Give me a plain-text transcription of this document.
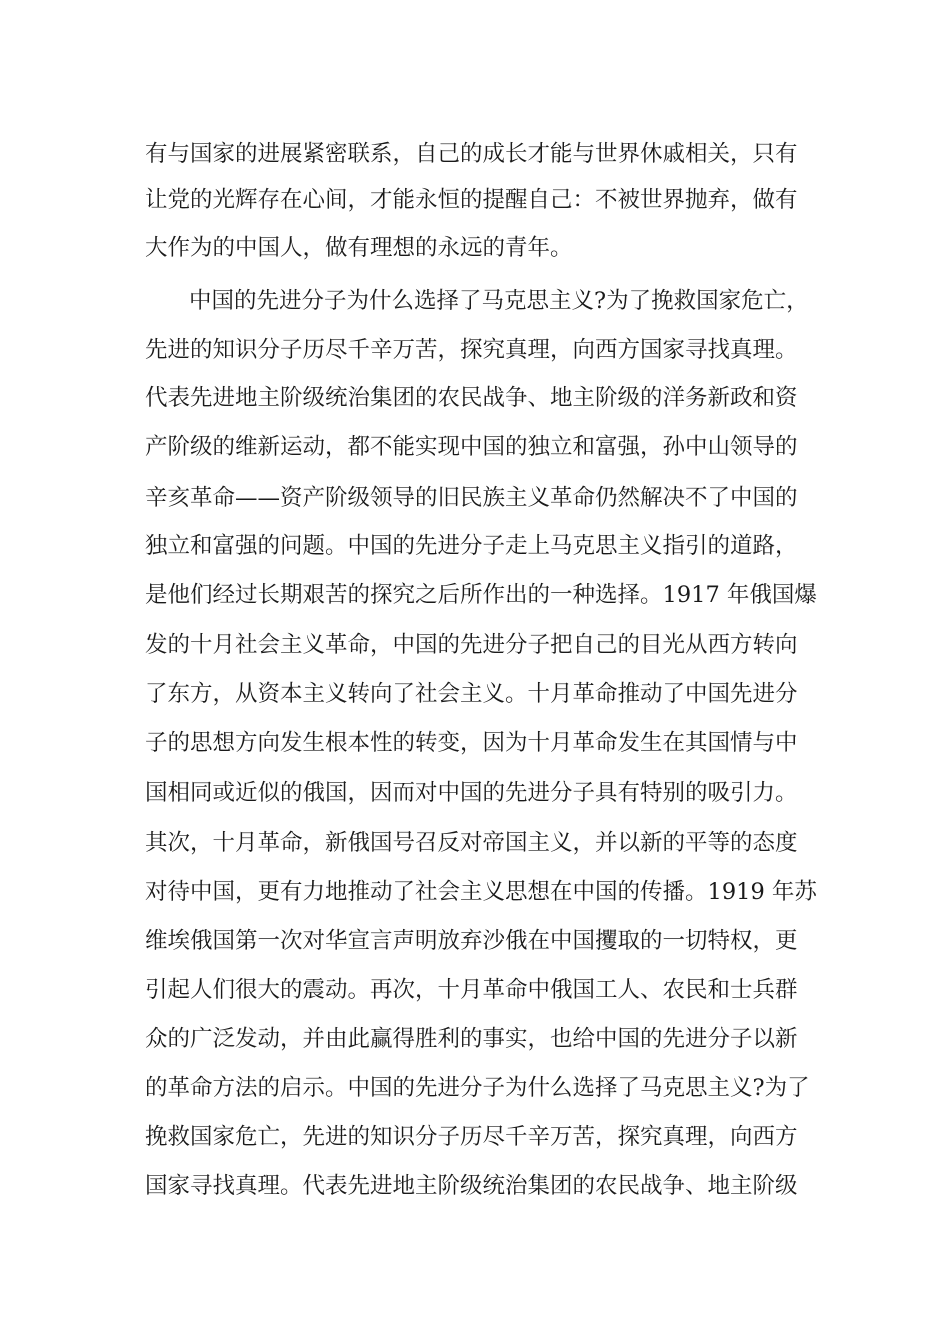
有与国家的进展紧密联系，自己的成长才能与世界休戚相关，只有
让党的光辉存在心间，才能永恒的提醒自己：不被世界抛弃，做有
大作为的中国人，做有理想的永远的青年。
中国的先进分子为什么选择了马克思主义?为了挽救国家危亡，
先进的知识分子历尽千辛万苦，探究真理，向西方国家寻找真理。
代表先进地主阶级统治集团的农民战争、地主阶级的洋务新政和资
产阶级的维新运动，都不能实现中国的独立和富强，孙中山领导的
辛亥革命——资产阶级领导的旧民族主义革命仍然解决不了中国的
独立和富强的问题。中国的先进分子走上马克思主义指引的道路，
是他们经过长期艰苦的探究之后所作出的一种选择。1917 年俄国爆
发的十月社会主义革命，中国的先进分子把自己的目光从西方转向
了东方，从资本主义转向了社会主义。十月革命推动了中国先进分
子的思想方向发生根本性的转变，因为十月革命发生在其国情与中
国相同或近似的俄国，因而对中国的先进分子具有特别的吸引力。
其次，十月革命，新俄国号召反对帝国主义，并以新的平等的态度
对待中国，更有力地推动了社会主义思想在中国的传播。1919 年苏
维埃俄国第一次对华宣言声明放弃沙俄在中国攫取的一切特权，更
引起人们很大的震动。再次，十月革命中俄国工人、农民和士兵群
众的广泛发动，并由此赢得胜利的事实，也给中国的先进分子以新
的革命方法的启示。中国的先进分子为什么选择了马克思主义?为了
挽救国家危亡，先进的知识分子历尽千辛万苦，探究真理，向西方
国家寻找真理。代表先进地主阶级统治集团的农民战争、地主阶级
